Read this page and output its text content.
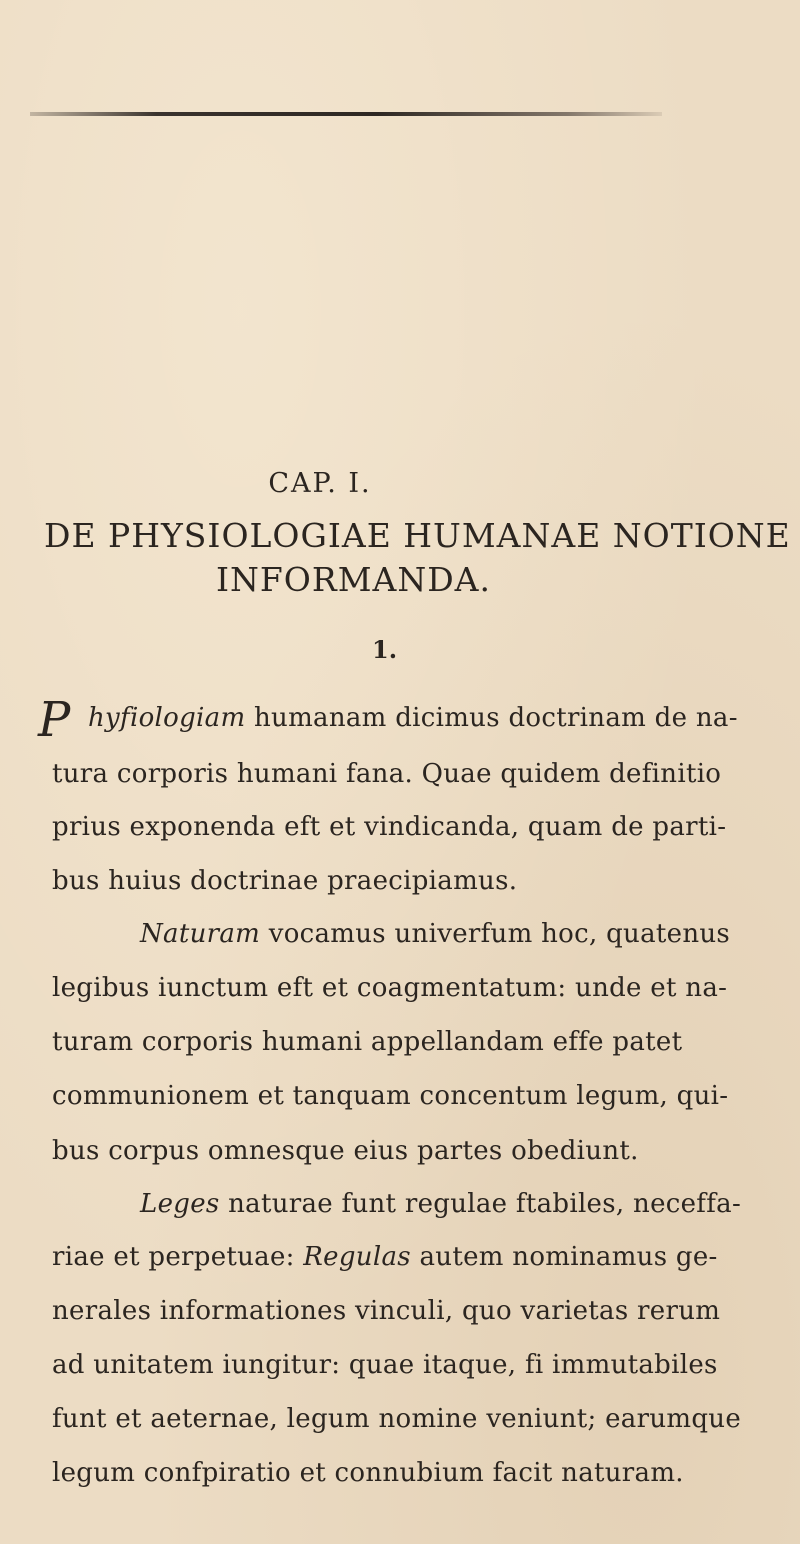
CAP. I.
DE PHYSIOLOGIAE HUMANAE NOTIONE
INFORMANDA.
1.
P hyfiologiam humanam dicimus doctrinam de na-
tura corporis humani fana. Quae quidem definitio
prius exponenda eft et vindicanda, quam de parti-
bus huius doctrinae praecipiamus.
Naturam vocamus univerfum hoc, quatenus
legibus iunctum eft et coagmentatum: unde et na-
turam corporis humani appellandam effe patet
communionem et tanquam concentum legum, qui-
bus corpus omnesque eius partes obediunt.
Leges naturae funt regulae ftabiles, neceffa-
riae et perpetuae: Regulas autem nominamus ge-
nerales informationes vinculi, quo varietas rerum
ad unitatem iungitur: quae itaque, fi immutabiles
funt et aeternae, legum nomine veniunt; earumque
legum confpiratio et connubium facit naturam.
